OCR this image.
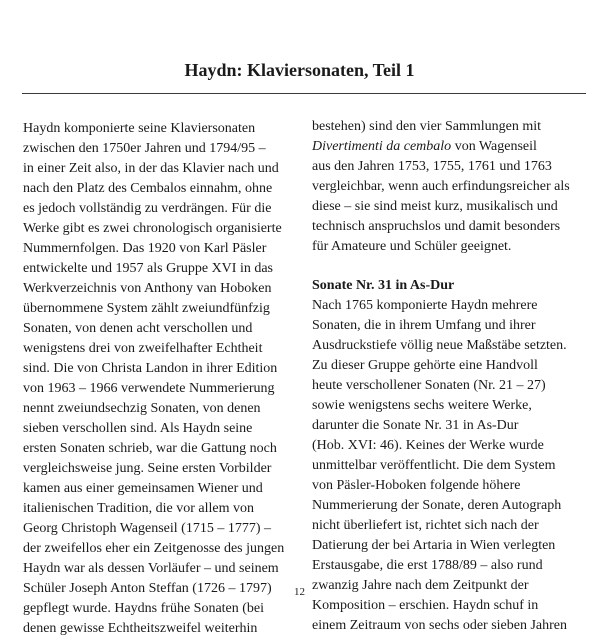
Haydn: Klaviersonaten, Teil 1
Haydn komponierte seine Klaviersonaten
zwischen den 1750er Jahren und 1794/95 –
in einer Zeit also, in der das Klavier nach und
nach den Platz des Cembalos einnahm, ohne
es jedoch vollständig zu verdrängen. Für die
Werke gibt es zwei chronologisch organisierte
Nummernfolgen. Das 1920 von Karl Päsler
entwickelte und 1957 als Gruppe XVI in das
Werkverzeichnis von Anthony van Hoboken
übernommene System zählt zweiundfünfzig
Sonaten, von denen acht verschollen und
wenigstens drei von zweifelhafter Echtheit
sind. Die von Christa Landon in ihrer Edition
von 1963 – 1966 verwendete Nummerierung
nennt zweiundsechzig Sonaten, von denen
sieben verschollen sind. Als Haydn seine
ersten Sonaten schrieb, war die Gattung noch
vergleichsweise jung. Seine ersten Vorbilder
kamen aus einer gemeinsamen Wiener und
italienischen Tradition, die vor allem von
Georg Christoph Wagenseil (1715 – 1777) –
der zweifellos eher ein Zeitgenosse des jungen
Haydn war als dessen Vorläufer – und seinem
Schüler Joseph Anton Steffan (1726 – 1797)
gepflegt wurde. Haydns frühe Sonaten (bei
denen gewisse Echtheitszweifel weiterhin
bestehen) sind den vier Sammlungen mit
Divertimenti da cembalo von Wagenseil
aus den Jahren 1753, 1755, 1761 und 1763
vergleichbar, wenn auch erfindungsreicher als
diese – sie sind meist kurz, musikalisch und
technisch anspruchslos und damit besonders
für Amateure und Schüler geeignet.
Sonate Nr. 31 in As-Dur
Nach 1765 komponierte Haydn mehrere
Sonaten, die in ihrem Umfang und ihrer
Ausdruckstiefe völlig neue Maßstäbe setzten.
Zu dieser Gruppe gehörte eine Handvoll
heute verschollener Sonaten (Nr. 21 – 27)
sowie wenigstens sechs weitere Werke,
darunter die Sonate Nr. 31 in As-Dur
(Hob. XVI: 46). Keines der Werke wurde
unmittelbar veröffentlicht. Die dem System
von Päsler-Hoboken folgende höhere
Nummerierung der Sonate, deren Autograph
nicht überliefert ist, richtet sich nach der
Datierung der bei Artaria in Wien verlegten
Erstausgabe, die erst 1788/89 – also rund
zwanzig Jahre nach dem Zeitpunkt der
Komposition – erschien. Haydn schuf in
einem Zeitraum von sechs oder sieben Jahren
12
